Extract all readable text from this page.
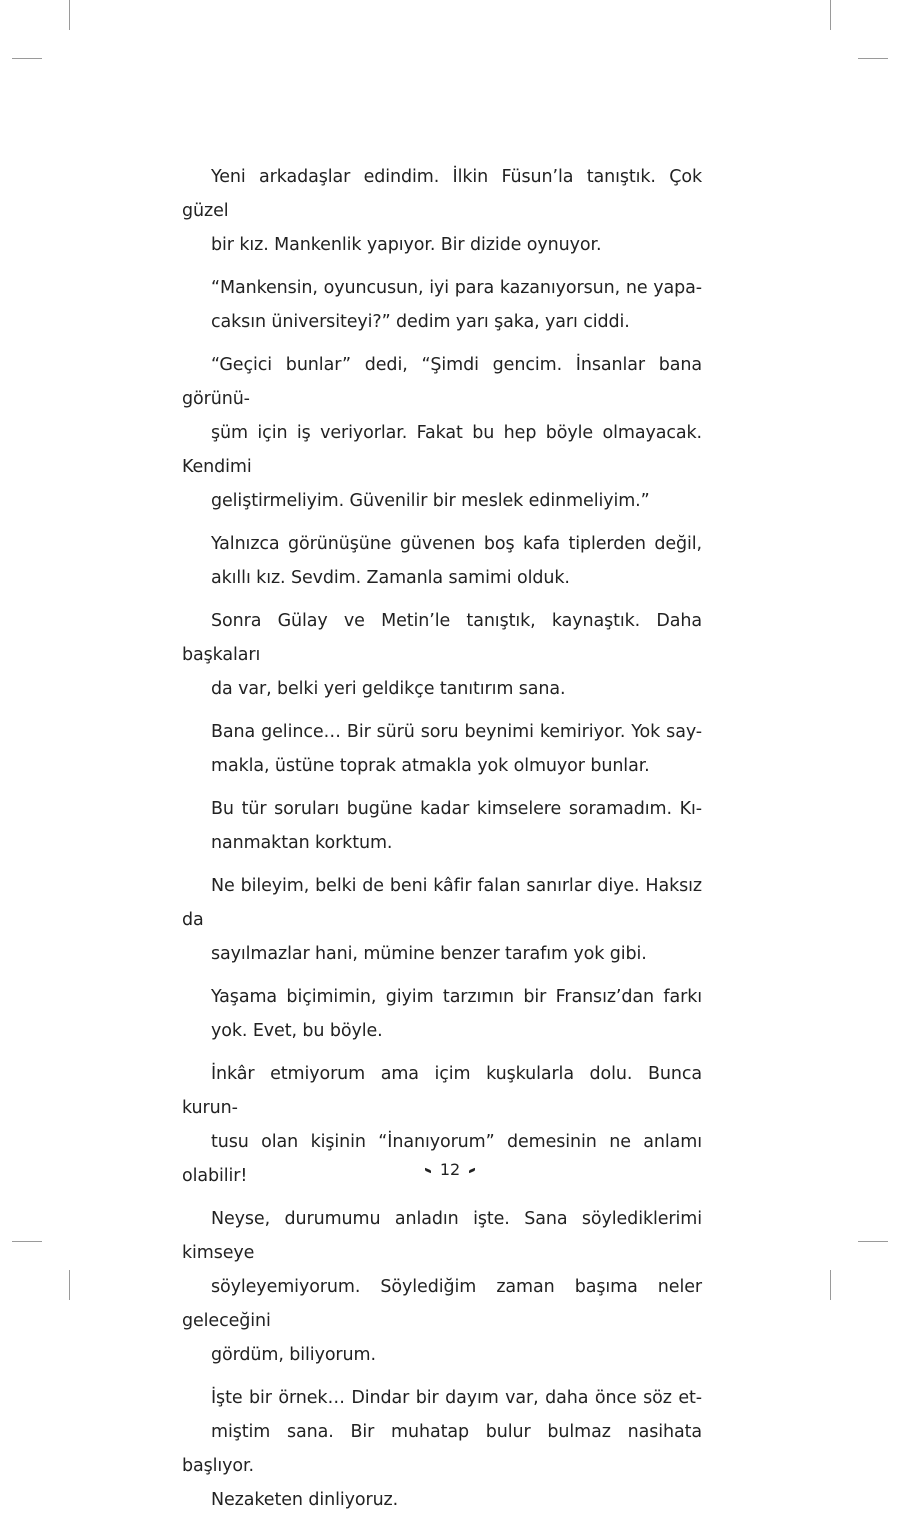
Yeni arkadaşlar edindim. İlkin Füsun’la tanıştık. Çok güzel
bir kız. Mankenlik yapıyor. Bir dizide oynuyor.

“Mankensin, oyuncusun, iyi para kazanıyorsun, ne yapa-
caksın üniversiteyi?” dedim yarı şaka, yarı ciddi.

“Geçici bunlar” dedi, “Şimdi gencim. İnsanlar bana görünü-
şüm için iş veriyorlar. Fakat bu hep böyle olmayacak. Kendimi
geliştirmeliyim. Güvenilir bir meslek edinmeliyim.”

Yalnızca görünüşüne güvenen boş kafa tiplerden değil,
akıllı kız. Sevdim. Zamanla samimi olduk.

Sonra Gülay ve Metin’le tanıştık, kaynaştık. Daha başkaları
da var, belki yeri geldikçe tanıtırım sana.

Bana gelince… Bir sürü soru beynimi kemiriyor. Yok say-
makla, üstüne toprak atmakla yok olmuyor bunlar.

Bu tür soruları bugüne kadar kimselere soramadım. Kı-
nanmaktan korktum.

Ne bileyim, belki de beni kâfir falan sanırlar diye. Haksız da
sayılmazlar hani, mümine benzer tarafım yok gibi.

Yaşama biçimimin, giyim tarzımın bir Fransız’dan farkı
yok. Evet, bu böyle.

İnkâr etmiyorum ama içim kuşkularla dolu. Bunca kurun-
tusu olan kişinin “İnanıyorum” demesinin ne anlamı olabilir!

Neyse, durumumu anladın işte. Sana söylediklerimi kimseye
söyleyemiyorum. Söylediğim zaman başıma neler geleceğini
gördüm, biliyorum.

İşte bir örnek… Dindar bir dayım var, daha önce söz et-
miştim sana. Bir muhatap bulur bulmaz nasihata başlıyor.
Nezaketen dinliyoruz.

12
